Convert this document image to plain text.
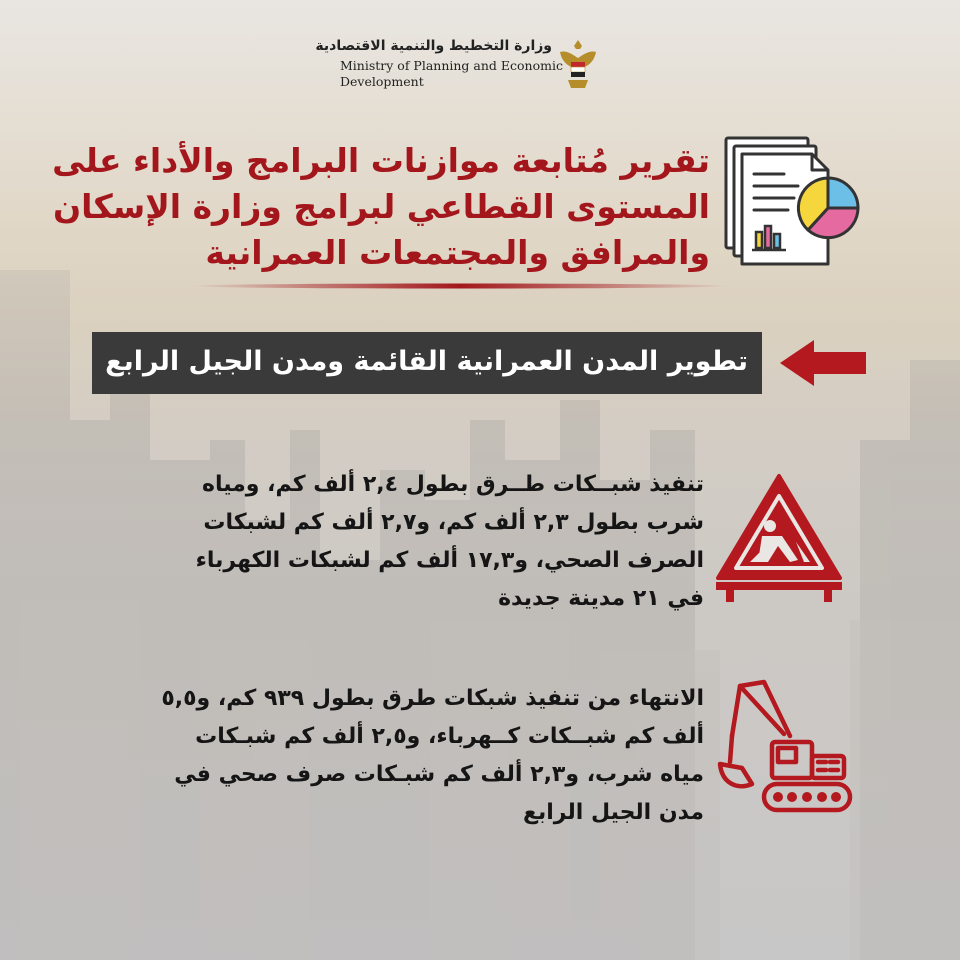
وزارة التخطيط والتنمية الاقتصادية
Ministry of Planning and Economic
Development
تقرير مُتابعة موازنات البرامج والأداء على
المستوى القطاعي لبرامج وزارة الإسكان
والمرافق والمجتمعات العمرانية
تطوير المدن العمرانية القائمة ومدن الجيل الرابع
تنفيذ شبــكات طــرق بطول ٢,٤ ألف كم، ومياه
شرب بطول ٢,٣ ألف كم، و٢,٧ ألف كم لشبكات
الصرف الصحي، و١٧,٣ ألف كم لشبكات الكهرباء
في ٢١ مدينة جديدة
الانتهاء من تنفيذ شبكات طرق بطول ٩٣٩ كم، و٥,٥
ألف كم شبــكات كــهرباء، و٢,٥ ألف كم شبـكات
مياه شرب، و٢,٣ ألف كم شبـكات صرف صحي في
مدن الجيل الرابع
